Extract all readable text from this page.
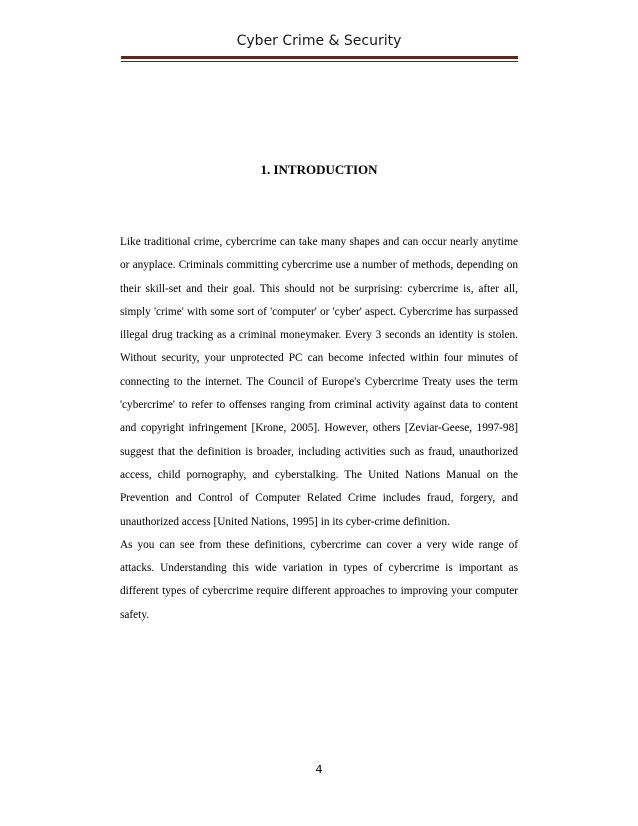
Cyber Crime & Security
1. INTRODUCTION

Like traditional crime, cybercrime can take many shapes and can occur nearly anytime or anyplace. Criminals committing cybercrime use a number of methods, depending on their skill-set and their goal. This should not be surprising: cybercrime is, after all, simply 'crime' with some sort of 'computer' or 'cyber' aspect. Cybercrime has surpassed illegal drug tracking as a criminal moneymaker. Every 3 seconds an identity is stolen. Without security, your unprotected PC can become infected within four minutes of connecting to the internet. The Council of Europe's Cybercrime Treaty uses the term 'cybercrime' to refer to offenses ranging from criminal activity against data to content and copyright infringement [Krone, 2005]. However, others [Zeviar-Geese, 1997-98] suggest that the definition is broader, including activities such as fraud, unauthorized access, child pornography, and cyberstalking. The United Nations Manual on the Prevention and Control of Computer Related Crime includes fraud, forgery, and unauthorized access [United Nations, 1995] in its cyber-crime definition.

As you can see from these definitions, cybercrime can cover a very wide range of attacks. Understanding this wide variation in types of cybercrime is important as different types of cybercrime require different approaches to improving your computer safety.

4
